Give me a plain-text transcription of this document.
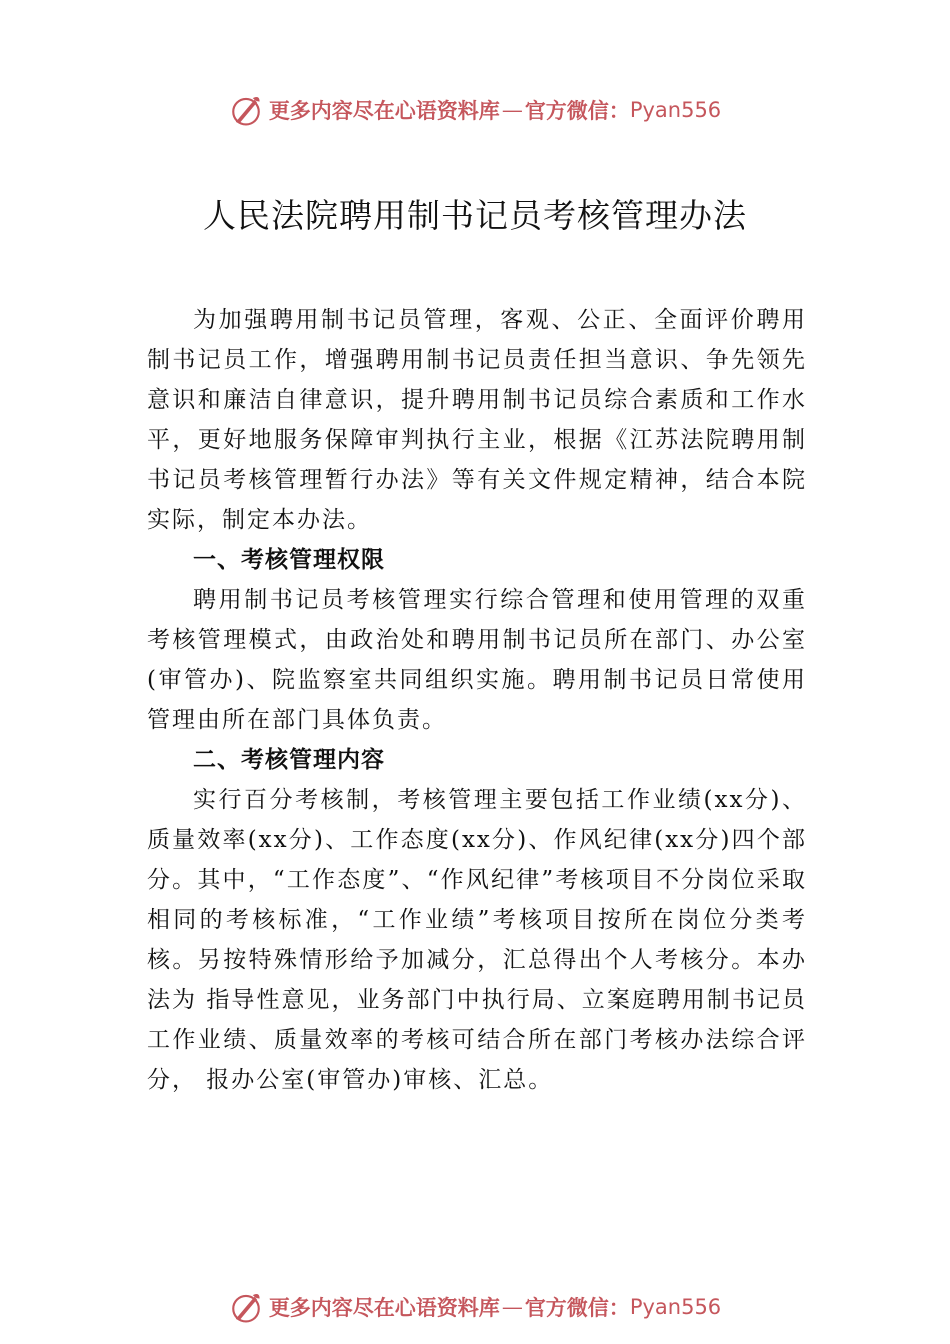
更多内容尽在心语资料库 — 官方微信： Pyan556
人民法院聘用制书记员考核管理办法

为加强聘用制书记员管理，客观、公正、全面评价聘用制书记员工作，增强聘用制书记员责任担当意识、争先领先意识和廉洁自律意识，提升聘用制书记员综合素质和工作水平，更好地服务保障审判执行主业，根据《江苏法院聘用制书记员考核管理暂行办法》等有关文件规定精神，结合本院实际，制定本办法。

一、考核管理权限

聘用制书记员考核管理实行综合管理和使用管理的双重考核管理模式，由政治处和聘用制书记员所在部门、办公室(审管办)、院监察室共同组织实施。聘用制书记员日常使用管理由所在部门具体负责。

二、考核管理内容

实行百分考核制，考核管理主要包括工作业绩(xx分)、质量效率(xx分)、工作态度(xx分)、作风纪律(xx分)四个部分。其中，“工作态度”、“作风纪律”考核项目不分岗位采取 相同的考核标准，“工作业绩”考核项目按所在岗位分类考核。另按特殊情形给予加减分，汇总得出个人考核分。本办法为 指导性意见，业务部门中执行局、立案庭聘用制书记员工作业绩、质量效率的考核可结合所在部门考核办法综合评分， 报办公室(审管办)审核、汇总。

更多内容尽在心语资料库 — 官方微信： Pyan556
